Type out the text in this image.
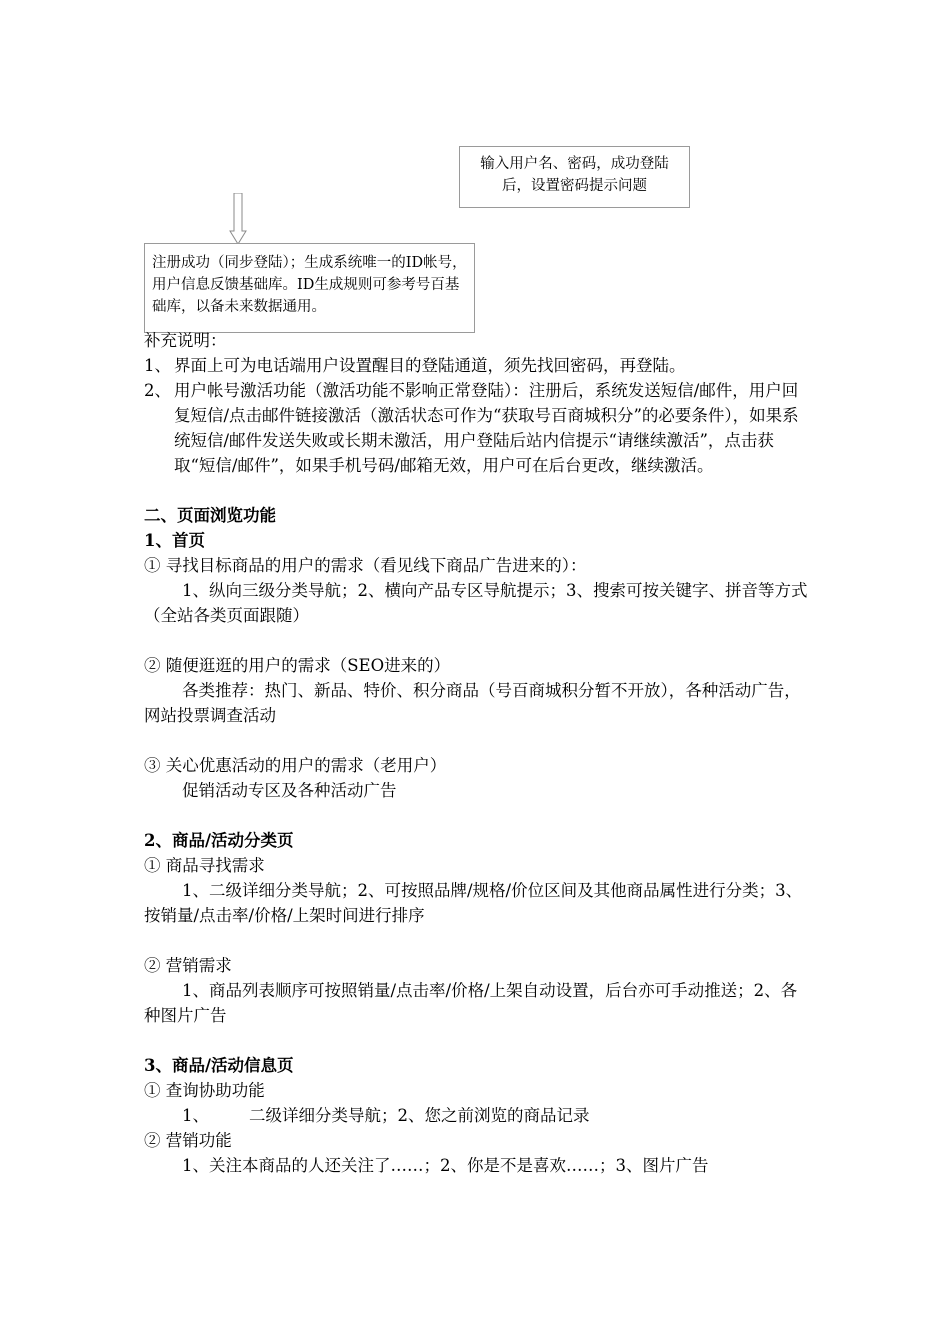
输入用户名、密码，成功登陆后，设置密码提示问题
注册成功（同步登陆）；生成系统唯一的ID帐号，用户信息反馈基础库。ID生成规则可参考号百基础库，以备未来数据通用。

补充说明：

1、 界面上可为电话端用户设置醒目的登陆通道，须先找回密码，再登陆。

2、 用户帐号激活功能（激活功能不影响正常登陆）：注册后，系统发送短信/邮件，用户回复短信/点击邮件链接激活（激活状态可作为“获取号百商城积分”的必要条件），如果系统短信/邮件发送失败或长期未激活，用户登陆后站内信提示“请继续激活”，点击获取“短信/邮件”，如果手机号码/邮箱无效，用户可在后台更改，继续激活。

二、页面浏览功能

1、首页

① 寻找目标商品的用户的需求（看见线下商品广告进来的）：

1、纵向三级分类导航；2、横向产品专区导航提示；3、搜索可按关键字、拼音等方式（全站各类页面跟随）

② 随便逛逛的用户的需求（SEO进来的）

各类推荐：热门、新品、特价、积分商品（号百商城积分暂不开放），各种活动广告，网站投票调查活动

③ 关心优惠活动的用户的需求（老用户）

促销活动专区及各种活动广告

2、商品/活动分类页

① 商品寻找需求

1、二级详细分类导航；2、可按照品牌/规格/价位区间及其他商品属性进行分类；3、按销量/点击率/价格/上架时间进行排序

② 营销需求

1、商品列表顺序可按照销量/点击率/价格/上架自动设置，后台亦可手动推送；2、各种图片广告

3、商品/活动信息页

① 查询协助功能

1、 二级详细分类导航；2、您之前浏览的商品记录

② 营销功能

1、关注本商品的人还关注了……；2、你是不是喜欢……；3、图片广告
